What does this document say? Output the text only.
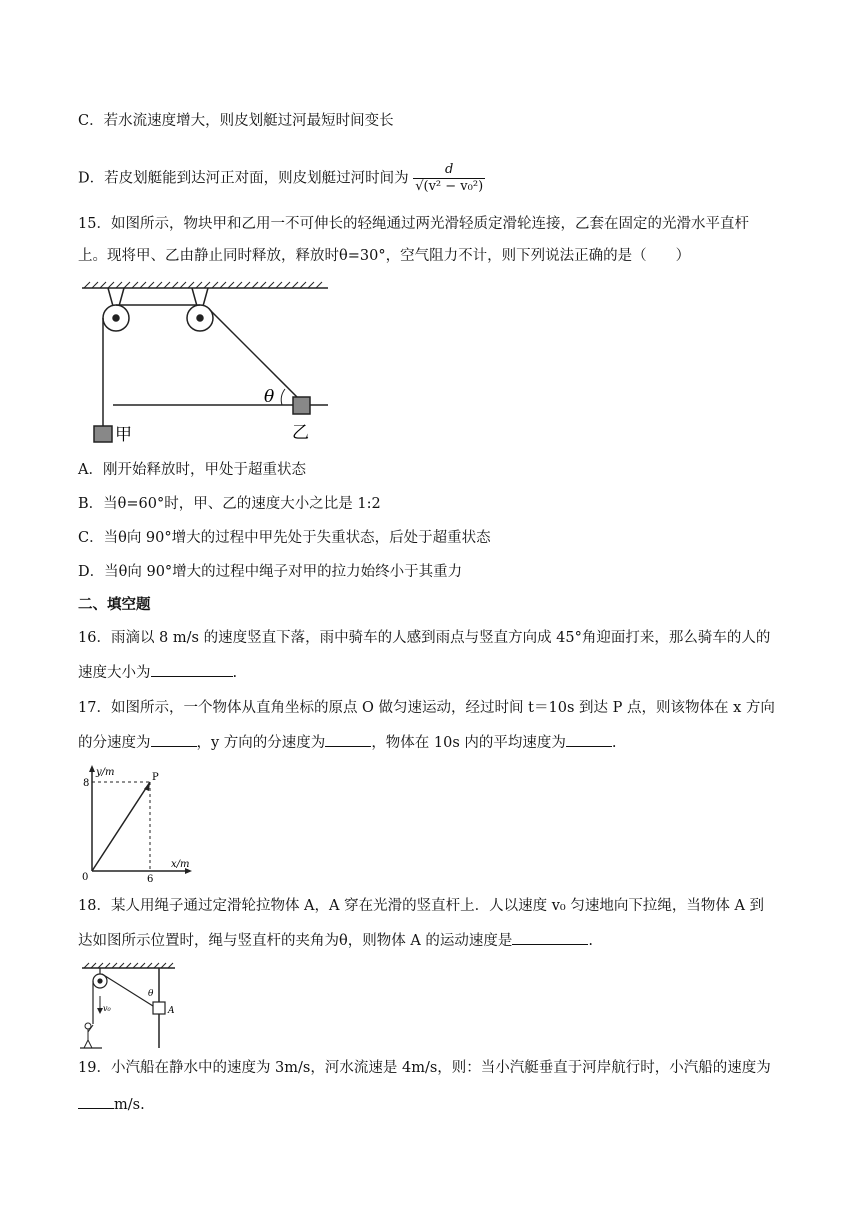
C．若水流速度增大，则皮划艇过河最短时间变长
D．若皮划艇能到达河正对面，则皮划艇过河时间为 $\frac{d}{\text{√(v² − v₀²)}}$
15．如图所示，物块甲和乙用一不可伸长的轻绳通过两光滑轻质定滑轮连接，乙套在固定的光滑水平直杆
上。现将甲、乙由静止同时释放，释放时θ=30°，空气阻力不计，则下列说法正确的是（　　）
θ
甲	乙
A．刚开始释放时，甲处于超重状态
B．当θ=60°时，甲、乙的速度大小之比是 1:2
C．当θ向 90°增大的过程中甲先处于失重状态，后处于超重状态
D．当θ向 90°增大的过程中绳子对甲的拉力始终小于其重力
二、填空题
16．雨滴以 8 m/s 的速度竖直下落，雨中骑车的人感到雨点与竖直方向成 45°角迎面打来，那么骑车的人的
速度大小为	.
17．如图所示，一个物体从直角坐标的原点 O 做匀速运动，经过时间 t＝10s 到达 P 点，则该物体在 x 方向
的分速度为	，y 方向的分速度为	，物体在 10s 内的平均速度为	.
y/m
x/m
8
6
0
P
18．某人用绳子通过定滑轮拉物体 A，A 穿在光滑的竖直杆上．人以速度 v₀ 匀速地向下拉绳，当物体 A 到
达如图所示位置时，绳与竖直杆的夹角为θ，则物体 A 的运动速度是	.
v₀	A
θ
19．小汽船在静水中的速度为 3m/s，河水流速是 4m/s，则：当小汽艇垂直于河岸航行时，小汽船的速度为
m/s.
